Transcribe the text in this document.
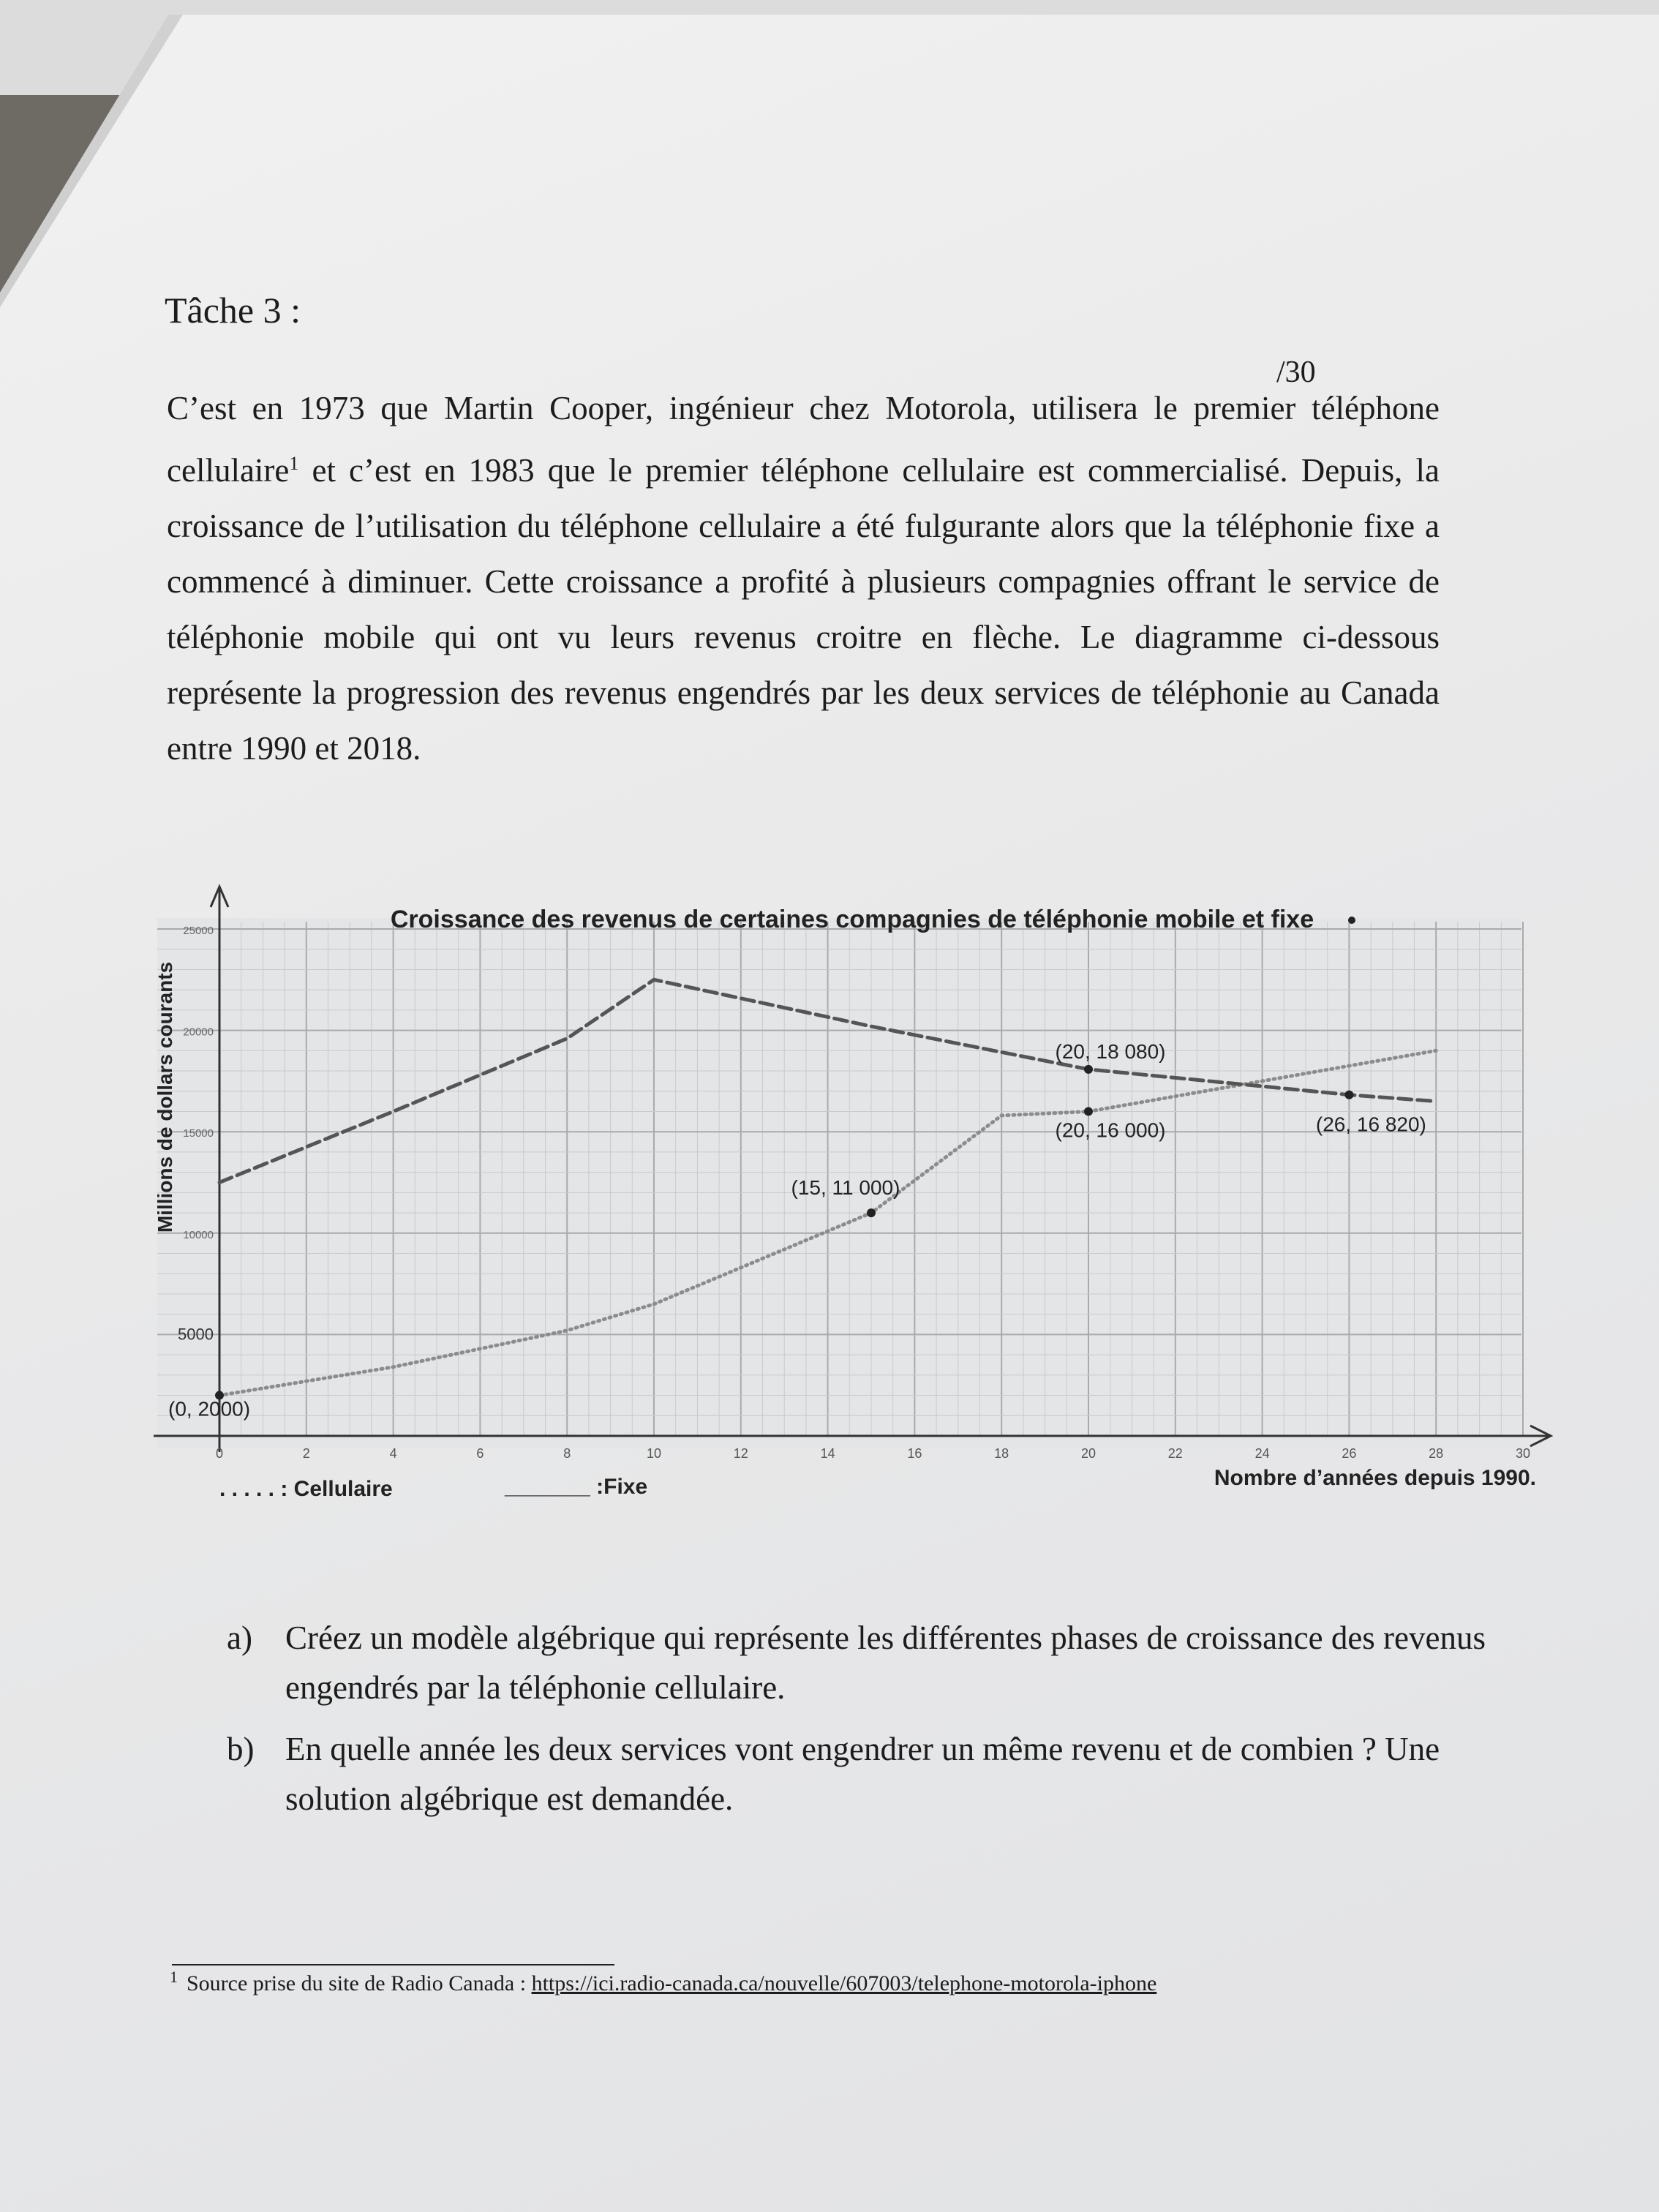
Tâche 3 :
/30
C’est en 1973 que Martin Cooper, ingénieur chez Motorola, utilisera le premier téléphone cellulaire$^1$ et c’est en 1983 que le premier téléphone cellulaire est commercialisé. Depuis, la croissance de l’utilisation du téléphone cellulaire a été fulgurante alors que la téléphonie fixe a commencé à diminuer. Cette croissance a profité à plusieurs compagnies offrant le service de téléphonie mobile qui ont vu leurs revenus croitre en flèche. Le diagramme ci-dessous représente la progression des revenus engendrés par les deux services de téléphonie au Canada entre 1990 et 2018.
0	2	4	6	8	10	12	14	16	18	20	22	24	26	28	30
5000
10000
15000
20000
25000	Croissance des revenus de certaines compagnies de téléphonie mobile et fixe
Millions de dollars courants
Nombre d’années depuis 1990.
(0, 2000)
(15, 11 000)
(20, 18 080)
(20, 16 000)	(26, 16 820)
. . . . . : Cellulaire	_______ :Fixe
a)	Créez un modèle algébrique qui représente les différentes phases de croissance des revenus engendrés par la téléphonie cellulaire.
b) En quelle année les deux services vont engendrer un même revenu et de combien ? Une solution algébrique est demandée.
$^1$ Source prise du site de Radio Canada : https://ici.radio-canada.ca/nouvelle/607003/telephone-motorola-iphone
